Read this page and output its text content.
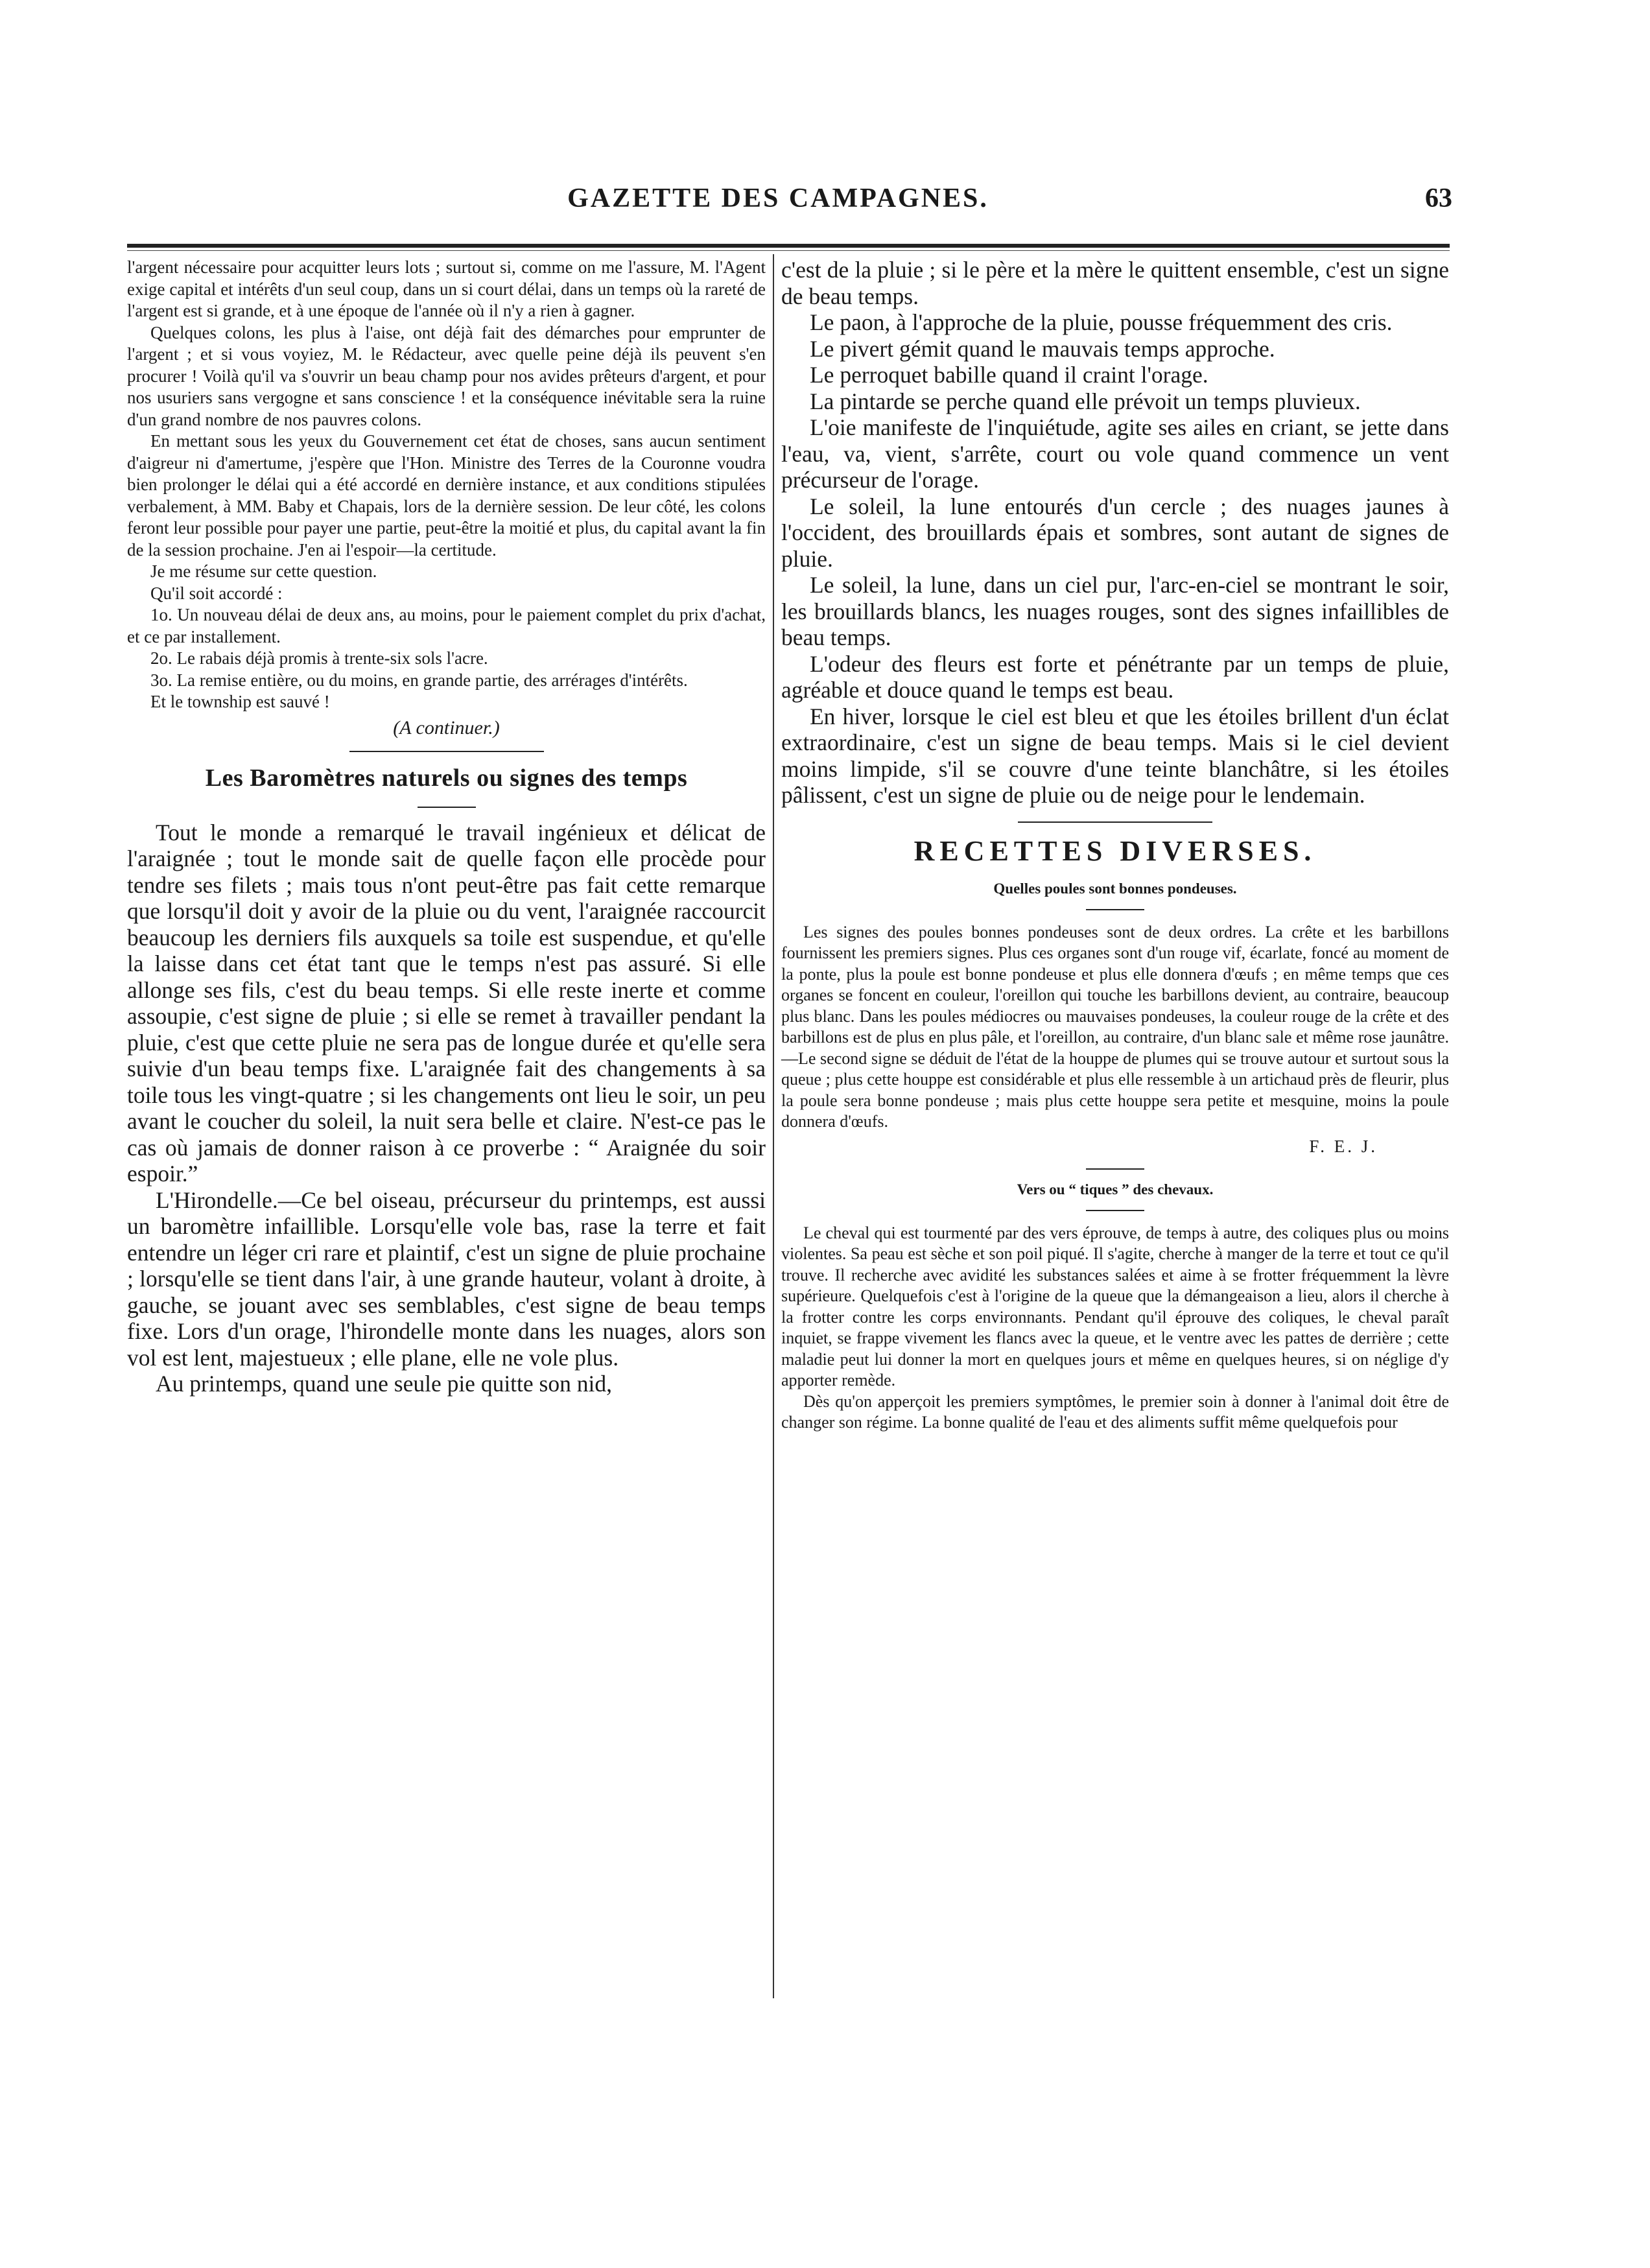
GAZETTE DES CAMPAGNES.	63

l'argent nécessaire pour acquitter leurs lots ; surtout si, comme on me l'assure, M. l'Agent exige capital et intérêts d'un seul coup, dans un si court délai, dans un temps où la rareté de l'argent est si grande, et à une époque de l'année où il n'y a rien à gagner.

Quelques colons, les plus à l'aise, ont déjà fait des démarches pour emprunter de l'argent ; et si vous voyiez, M. le Rédacteur, avec quelle peine déjà ils peuvent s'en procurer ! Voilà qu'il va s'ouvrir un beau champ pour nos avides prêteurs d'argent, et pour nos usuriers sans vergogne et sans conscience ! et la conséquence inévitable sera la ruine d'un grand nombre de nos pauvres colons.

En mettant sous les yeux du Gouvernement cet état de choses, sans aucun sentiment d'aigreur ni d'amertume, j'espère que l'Hon. Ministre des Terres de la Couronne voudra bien prolonger le délai qui a été accordé en dernière instance, et aux conditions stipulées verbalement, à MM. Baby et Chapais, lors de la dernière session. De leur côté, les colons feront leur possible pour payer une partie, peut-être la moitié et plus, du capital avant la fin de la session prochaine. J'en ai l'espoir—la certitude.

Je me résume sur cette question.

Qu'il soit accordé :

1o. Un nouveau délai de deux ans, au moins, pour le paiement complet du prix d'achat, et ce par installement.

2o. Le rabais déjà promis à trente-six sols l'acre.

3o. La remise entière, ou du moins, en grande partie, des arrérages d'intérêts.

Et le township est sauvé !

(A continuer.)
Les Baromètres naturels ou signes des temps

Tout le monde a remarqué le travail ingénieux et délicat de l'araignée ; tout le monde sait de quelle façon elle procède pour tendre ses filets ; mais tous n'ont peut-être pas fait cette remarque que lorsqu'il doit y avoir de la pluie ou du vent, l'araignée raccourcit beaucoup les derniers fils auxquels sa toile est suspendue, et qu'elle la laisse dans cet état tant que le temps n'est pas assuré. Si elle allonge ses fils, c'est du beau temps. Si elle reste inerte et comme assoupie, c'est signe de pluie ; si elle se remet à travailler pendant la pluie, c'est que cette pluie ne sera pas de longue durée et qu'elle sera suivie d'un beau temps fixe. L'araignée fait des changements à sa toile tous les vingt-quatre ; si les changements ont lieu le soir, un peu avant le coucher du soleil, la nuit sera belle et claire. N'est-ce pas le cas où jamais de donner raison à ce proverbe : “ Araignée du soir espoir.”

L'Hirondelle.—Ce bel oiseau, précurseur du printemps, est aussi un baromètre infaillible. Lorsqu'elle vole bas, rase la terre et fait entendre un léger cri rare et plaintif, c'est un signe de pluie prochaine ; lorsqu'elle se tient dans l'air, à une grande hauteur, volant à droite, à gauche, se jouant avec ses semblables, c'est signe de beau temps fixe. Lors d'un orage, l'hirondelle monte dans les nuages, alors son vol est lent, majestueux ; elle plane, elle ne vole plus.

Au printemps, quand une seule pie quitte son nid,

c'est de la pluie ; si le père et la mère le quittent ensemble, c'est un signe de beau temps.

Le paon, à l'approche de la pluie, pousse fréquemment des cris.

Le pivert gémit quand le mauvais temps approche.

Le perroquet babille quand il craint l'orage.

La pintarde se perche quand elle prévoit un temps pluvieux.

L'oie manifeste de l'inquiétude, agite ses ailes en criant, se jette dans l'eau, va, vient, s'arrête, court ou vole quand commence un vent précurseur de l'orage.

Le soleil, la lune entourés d'un cercle ; des nuages jaunes à l'occident, des brouillards épais et sombres, sont autant de signes de pluie.

Le soleil, la lune, dans un ciel pur, l'arc-en-ciel se montrant le soir, les brouillards blancs, les nuages rouges, sont des signes infaillibles de beau temps.

L'odeur des fleurs est forte et pénétrante par un temps de pluie, agréable et douce quand le temps est beau.

En hiver, lorsque le ciel est bleu et que les étoiles brillent d'un éclat extraordinaire, c'est un signe de beau temps. Mais si le ciel devient moins limpide, s'il se couvre d'une teinte blanchâtre, si les étoiles pâlissent, c'est un signe de pluie ou de neige pour le lendemain.

RECETTES DIVERSES.
Quelles poules sont bonnes pondeuses.

Les signes des poules bonnes pondeuses sont de deux ordres. La crête et les barbillons fournissent les premiers signes. Plus ces organes sont d'un rouge vif, écarlate, foncé au moment de la ponte, plus la poule est bonne pondeuse et plus elle donnera d'œufs ; en même temps que ces organes se foncent en couleur, l'oreillon qui touche les barbillons devient, au contraire, beaucoup plus blanc. Dans les poules médiocres ou mauvaises pondeuses, la couleur rouge de la crête et des barbillons est de plus en plus pâle, et l'oreillon, au contraire, d'un blanc sale et même rose jaunâtre.—Le second signe se déduit de l'état de la houppe de plumes qui se trouve autour et surtout sous la queue ; plus cette houppe est considérable et plus elle ressemble à un artichaud près de fleurir, plus la poule sera bonne pondeuse ; mais plus cette houppe sera petite et mesquine, moins la poule donnera d'œufs.

F. E. J.
Vers ou “ tiques ” des chevaux.

Le cheval qui est tourmenté par des vers éprouve, de temps à autre, des coliques plus ou moins violentes. Sa peau est sèche et son poil piqué. Il s'agite, cherche à manger de la terre et tout ce qu'il trouve. Il recherche avec avidité les substances salées et aime à se frotter fréquemment la lèvre supérieure. Quelquefois c'est à l'origine de la queue que la démangeaison a lieu, alors il cherche à la frotter contre les corps environnants. Pendant qu'il éprouve des coliques, le cheval paraît inquiet, se frappe vivement les flancs avec la queue, et le ventre avec les pattes de derrière ; cette maladie peut lui donner la mort en quelques jours et même en quelques heures, si on néglige d'y apporter remède.

Dès qu'on apperçoit les premiers symptômes, le premier soin à donner à l'animal doit être de changer son régime. La bonne qualité de l'eau et des aliments suffit même quelquefois pour
